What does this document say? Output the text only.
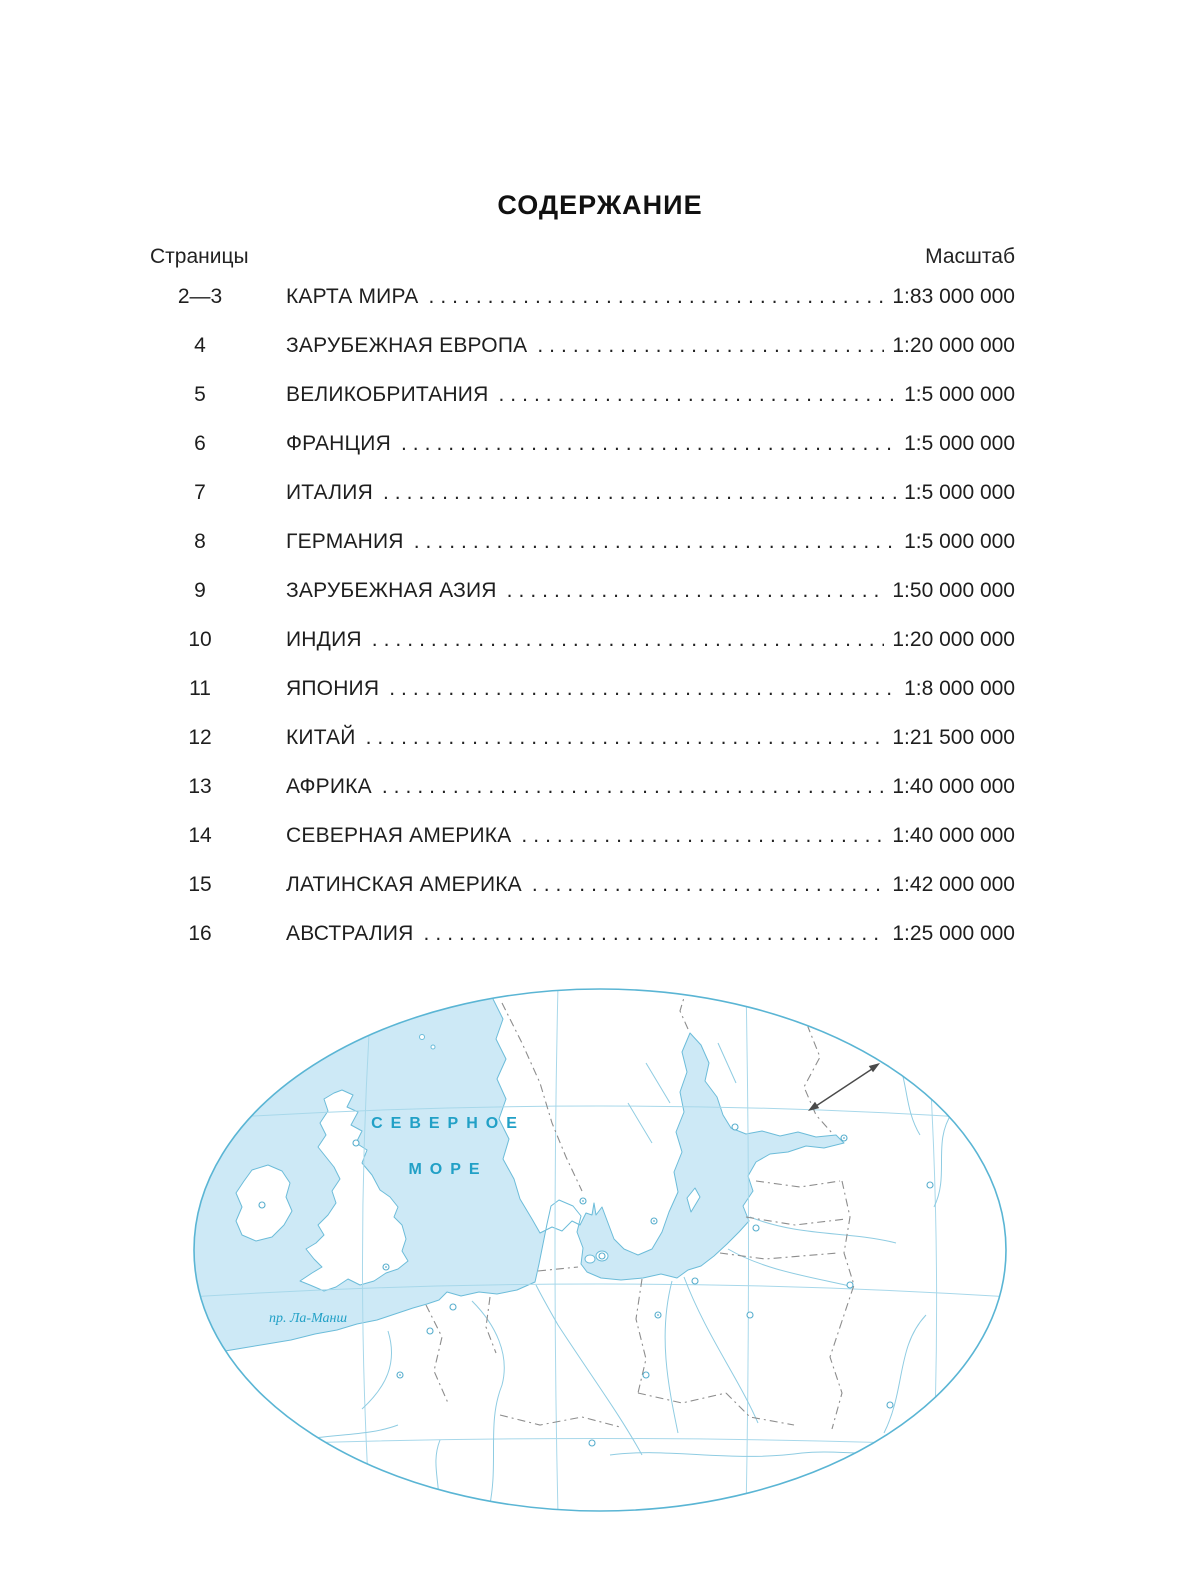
СОДЕРЖАНИЕ
Страницы	Масштаб
2—3	КАРТА МИРА .....	1:83 000 000
4	ЗАРУБЕЖНАЯ ЕВРОПА .....	1:20 000 000
5	ВЕЛИКОБРИТАНИЯ .....	1:5 000 000
6	ФРАНЦИЯ .....	1:5 000 000
7	ИТАЛИЯ .....	1:5 000 000
8	ГЕРМАНИЯ .....	1:5 000 000
9	ЗАРУБЕЖНАЯ АЗИЯ .....	1:50 000 000
10	ИНДИЯ .....	1:20 000 000
11	ЯПОНИЯ .....	1:8 000 000
12	КИТАЙ .....	1:21 500 000
13	АФРИКА .....	1:40 000 000
14	СЕВЕРНАЯ АМЕРИКА .....	1:40 000 000
15	ЛАТИНСКАЯ АМЕРИКА .....	1:42 000 000
16	АВСТРАЛИЯ .....	1:25 000 000
СЕВЕРНОЕ
МОРЕ
пр. Ла-Манш
